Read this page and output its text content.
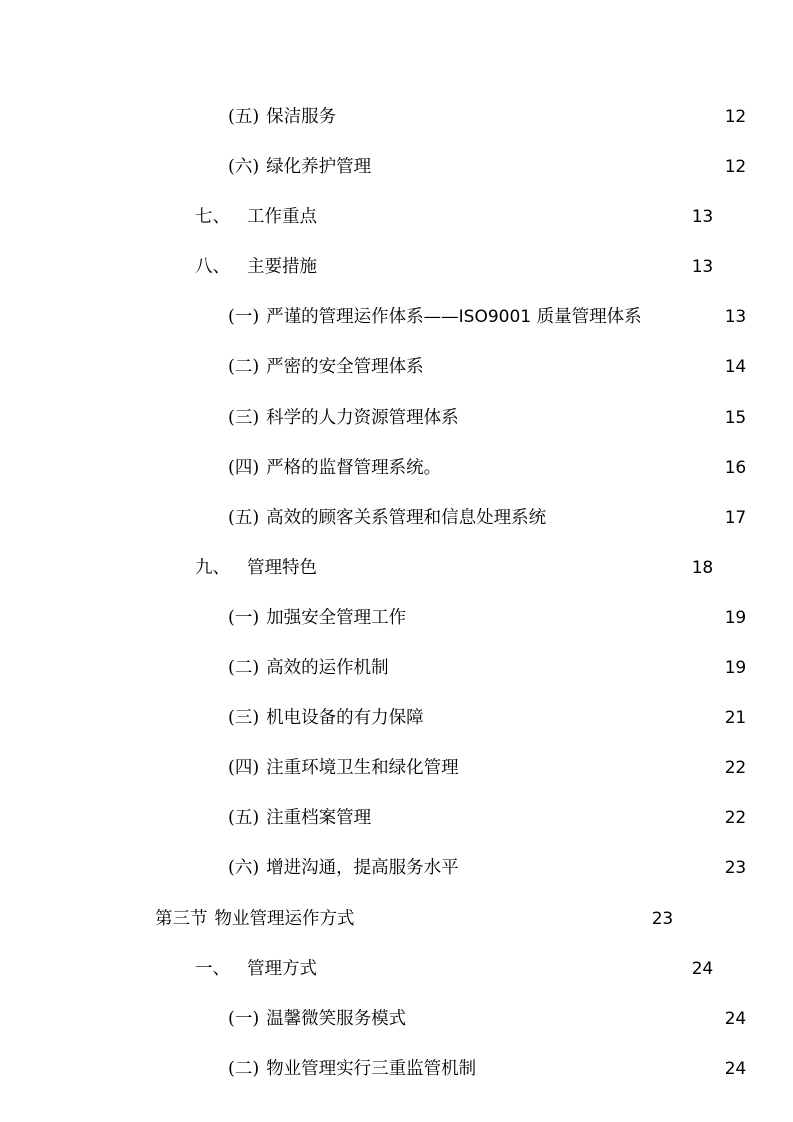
(五) 保洁服务 .....	12
(六) 绿化养护管理 .....	12
七、 工作重点 .....	13
八、 主要措施 .....	13
(一) 严谨的管理运作体系——ISO9001 质量管理体系	13
(二) 严密的安全管理体系 .....	14
(三) 科学的人力资源管理体系 .....	15
(四) 严格的监督管理系统。 .....	16
(五) 高效的顾客关系管理和信息处理系统 .....	17
九、 管理特色 .....	18
(一) 加强安全管理工作 .....	19
(二) 高效的运作机制 .....	19
(三) 机电设备的有力保障 .....	21
(四) 注重环境卫生和绿化管理 .....	22
(五) 注重档案管理 .....	22
(六) 增进沟通，提高服务水平 .....	23
第三节 物业管理运作方式 .....	23
一、 管理方式 .....	24
(一) 温馨微笑服务模式 .....	24
(二) 物业管理实行三重监管机制 .....	24
